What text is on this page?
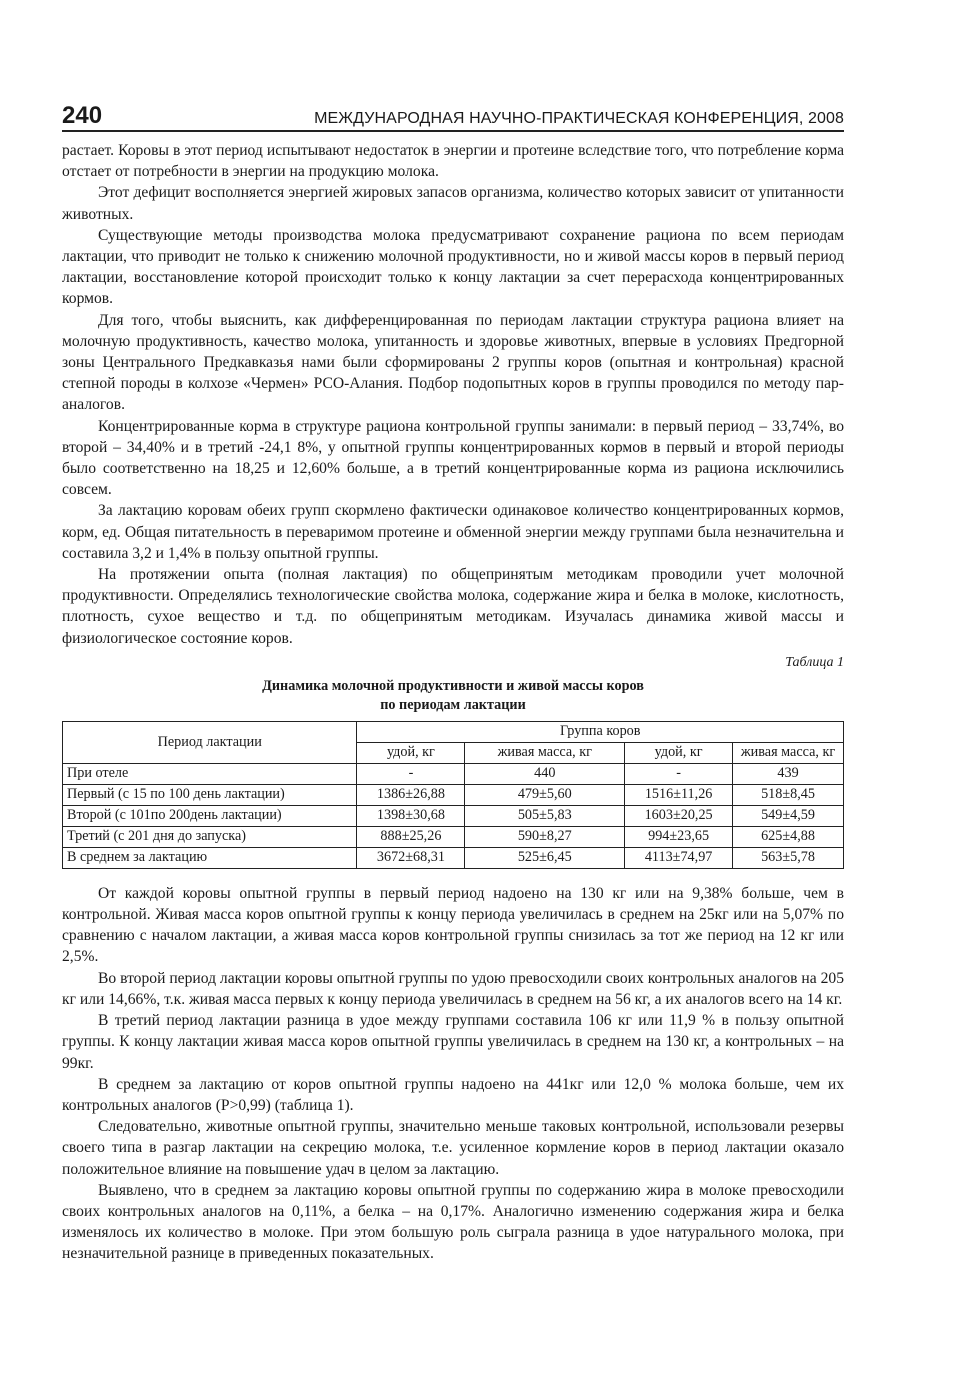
240	МЕЖДУНАРОДНАЯ НАУЧНО-ПРАКТИЧЕСКАЯ КОНФЕРЕНЦИЯ, 2008

растает. Коровы в этот период испытывают недостаток в энергии и протеине вследствие того, что потребление корма отстает от потребности в энергии на продукцию молока.

Этот дефицит восполняется энергией жировых запасов организма, количество которых зависит от упитанности животных.

Существующие методы производства молока предусматривают сохранение рациона по всем периодам лактации, что приводит не только к снижению молочной продуктивности, но и живой массы коров в первый период лактации, восстановление которой происходит только к концу лактации за счет перерасхода концентрированных кормов.

Для того, чтобы выяснить, как дифференцированная по периодам лактации структура рациона влияет на молочную продуктивность, качество молока, упитанность и здоровье животных, впервые в условиях Предгорной зоны Центрального Предкавказья нами были сформированы 2 группы коров (опытная и контрольная) красной степной породы в колхозе «Чермен» РСО-Алания. Подбор подопытных коров в группы проводился по методу пар-аналогов.

Концентрированные корма в структуре рациона контрольной группы занимали: в первый период – 33,74%, во второй – 34,40% и в третий -24,1 8%, у опытной группы концентрированных кормов в первый и второй периоды было соответственно на 18,25 и 12,60% больше, а в третий концентрированные корма из рациона исключились совсем.

За лактацию коровам обеих групп скормлено фактически одинаковое количество концентрированных кормов, корм, ед. Общая питательность в переваримом протеине и обменной энергии между группами была незначительна и составила 3,2 и 1,4% в пользу опытной группы.

На протяжении опыта (полная лактация) по общепринятым методикам проводили учет молочной продуктивности. Определялись технологические свойства молока, содержание жира и белка в молоке, кислотность, плотность, сухое вещество и т.д. по общепринятым методикам. Изучалась динамика живой массы и физиологическое состояние коров.

Таблица 1
Динамика молочной продуктивности и живой массы коров
по периодам лактации
Период лактации	Группа коров			
	удой, кг	живая масса, кг	удой, кг	живая масса, кг
При отеле	-	440	-	439
Первый (с 15 по 100 день лактации)	1386±26,88	479±5,60	1516±11,26	518±8,45
Второй (с 101по 200день лактации)	1398±30,68	505±5,83	1603±20,25	549±4,59
Третий (с 201 дня до запуска)	888±25,26	590±8,27	994±23,65	625±4,88
В среднем за лактацию	3672±68,31	525±6,45	4113±74,97	563±5,78

От каждой коровы опытной группы в первый период надоено на 130 кг или на 9,38% больше, чем в контрольной. Живая масса коров опытной группы к концу периода увеличилась в среднем на 25кг или на 5,07% по сравнению с началом лактации, а живая масса коров контрольной группы снизилась за тот же период на 12 кг или 2,5%.

Во второй период лактации коровы опытной группы по удою превосходили своих контрольных аналогов на 205 кг или 14,66%, т.к. живая масса первых к концу периода увеличилась в среднем на 56 кг, а их аналогов всего на 14 кг.

В третий период лактации разница в удое между группами составила 106 кг или 11,9 % в пользу опытной группы. К концу лактации живая масса коров опытной группы увеличилась в среднем на 130 кг, а контрольных – на 99кг.

В среднем за лактацию от коров опытной группы надоено на 441кг или 12,0 % молока больше, чем их контрольных аналогов (Р>0,99) (таблица 1).

Следовательно, животные опытной группы, значительно меньше таковых контрольной, использовали резервы своего типа в разгар лактации на секрецию молока, т.е. усиленное кормление коров в период лактации оказало положительное влияние на повышение удач в целом за лактацию.

Выявлено, что в среднем за лактацию коровы опытной группы по содержанию жира в молоке превосходили своих контрольных аналогов на 0,11%, а белка – на 0,17%. Аналогично изменению содержания жира и белка изменялось их количество в молоке. При этом большую роль сыграла разница в удое натурального молока, при незначительной разнице в приведенных показательных.
